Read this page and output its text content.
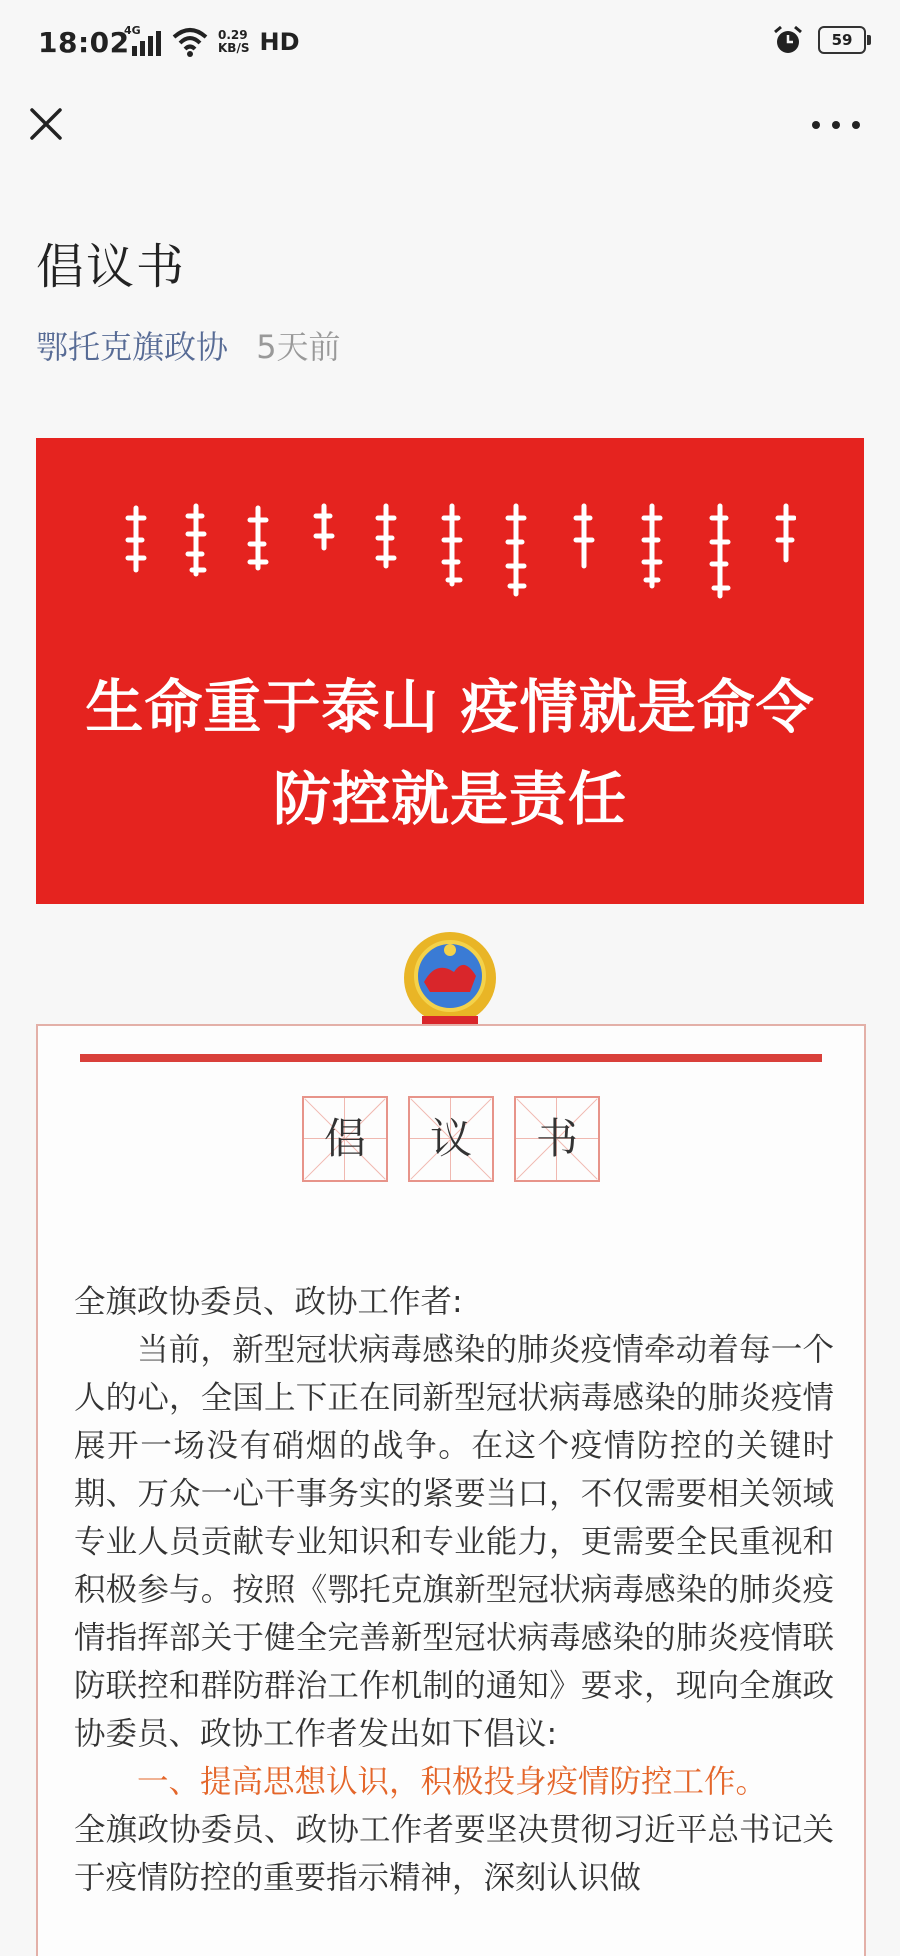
18:02
4G	0.29
KB/S HD	59
倡议书
鄂托克旗政协 5天前
生命重于泰山 疫情就是命令
防控就是责任
倡	议	书

全旗政协委员、政协工作者:

当前，新型冠状病毒感染的肺炎疫情牵动着每一个人的心，全国上下正在同新型冠状病毒感染的肺炎疫情展开一场没有硝烟的战争。在这个疫情防控的关键时期、万众一心干事务实的紧要当口，不仅需要相关领域专业人员贡献专业知识和专业能力，更需要全民重视和积极参与。按照《鄂托克旗新型冠状病毒感染的肺炎疫情指挥部关于健全完善新型冠状病毒感染的肺炎疫情联防联控和群防群治工作机制的通知》要求，现向全旗政协委员、政协工作者发出如下倡议:

一、提高思想认识，积极投身疫情防控工作。

全旗政协委员、政协工作者要坚决贯彻习近平总书记关于疫情防控的重要指示精神，深刻认识做
